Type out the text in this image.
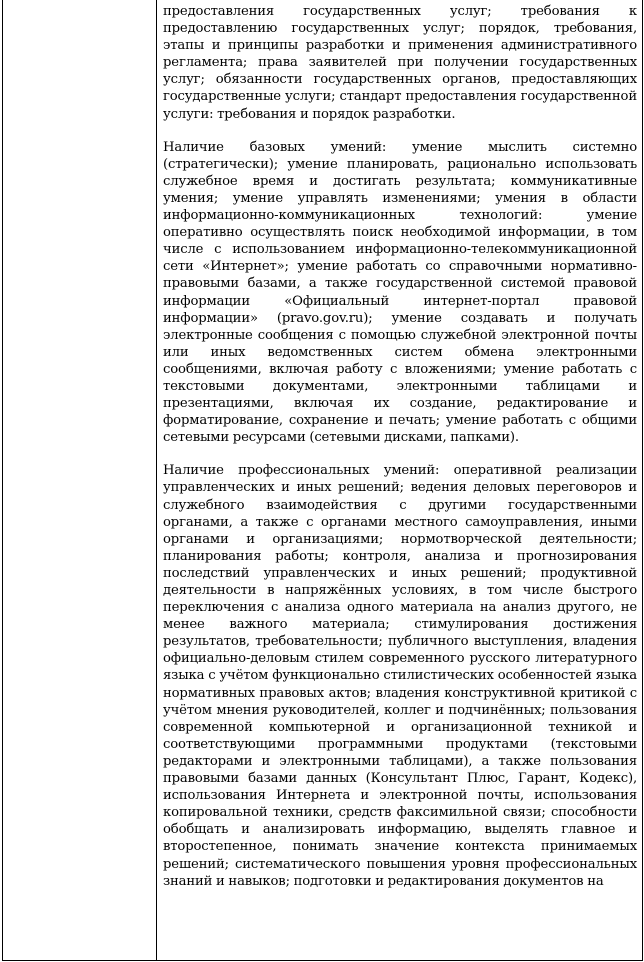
предоставления государственных услуг; требования к предоставлению государственных услуг; порядок, требования, этапы и принципы разработки и применения административного регламента; права заявителей при получении государственных услуг; обязанности государственных органов, предоставляющих государственные услуги; стандарт предоставления государственной услуги: требования и порядок разработки.

Наличие базовых умений: умение мыслить системно (стратегически); умение планировать, рационально использовать служебное время и достигать результата; коммуникативные умения; умение управлять изменениями; умения в области информационно-коммуникационных технологий: умение оперативно осуществлять поиск необходимой информации, в том числе с использованием информационно-телекоммуникационной сети «Интернет»; умение работать со справочными нормативно-правовыми базами, а также государственной системой правовой информации «Официальный интернет-портал правовой информации» (pravo.gov.ru); умение создавать и получать электронные сообщения с помощью служебной электронной почты или иных ведомственных систем обмена электронными сообщениями, включая работу с вложениями; умение работать с текстовыми документами, электронными таблицами и презентациями, включая их создание, редактирование и форматирование, сохранение и печать; умение работать с общими сетевыми ресурсами (сетевыми дисками, папками).

Наличие профессиональных умений: оперативной реализации управленческих и иных решений; ведения деловых переговоров и служебного взаимодействия с другими государственными органами, а также с органами местного самоуправления, иными органами и организациями; нормотворческой деятельности; планирования работы; контроля, анализа и прогнозирования последствий управленческих и иных решений; продуктивной деятельности в напряжённых условиях, в том числе быстрого переключения с анализа одного материала на анализ другого, не менее важного материала; стимулирования достижения результатов, требовательности; публичного выступления, владения официально-деловым стилем современного русского литературного языка с учётом функционально стилистических особенностей языка нормативных правовых актов; владения конструктивной критикой с учётом мнения руководителей, коллег и подчинённых; пользования современной компьютерной и организационной техникой и соответствующими программными продуктами (текстовыми редакторами и электронными таблицами), а также пользования правовыми базами данных (Консультант Плюс, Гарант, Кодекс), использования Интернета и электронной почты, использования копировальной техники, средств факсимильной связи; способности обобщать и анализировать информацию, выделять главное и второстепенное, понимать значение контекста принимаемых решений; систематического повышения уровня профессиональных знаний и навыков; подготовки и редактирования документов на
